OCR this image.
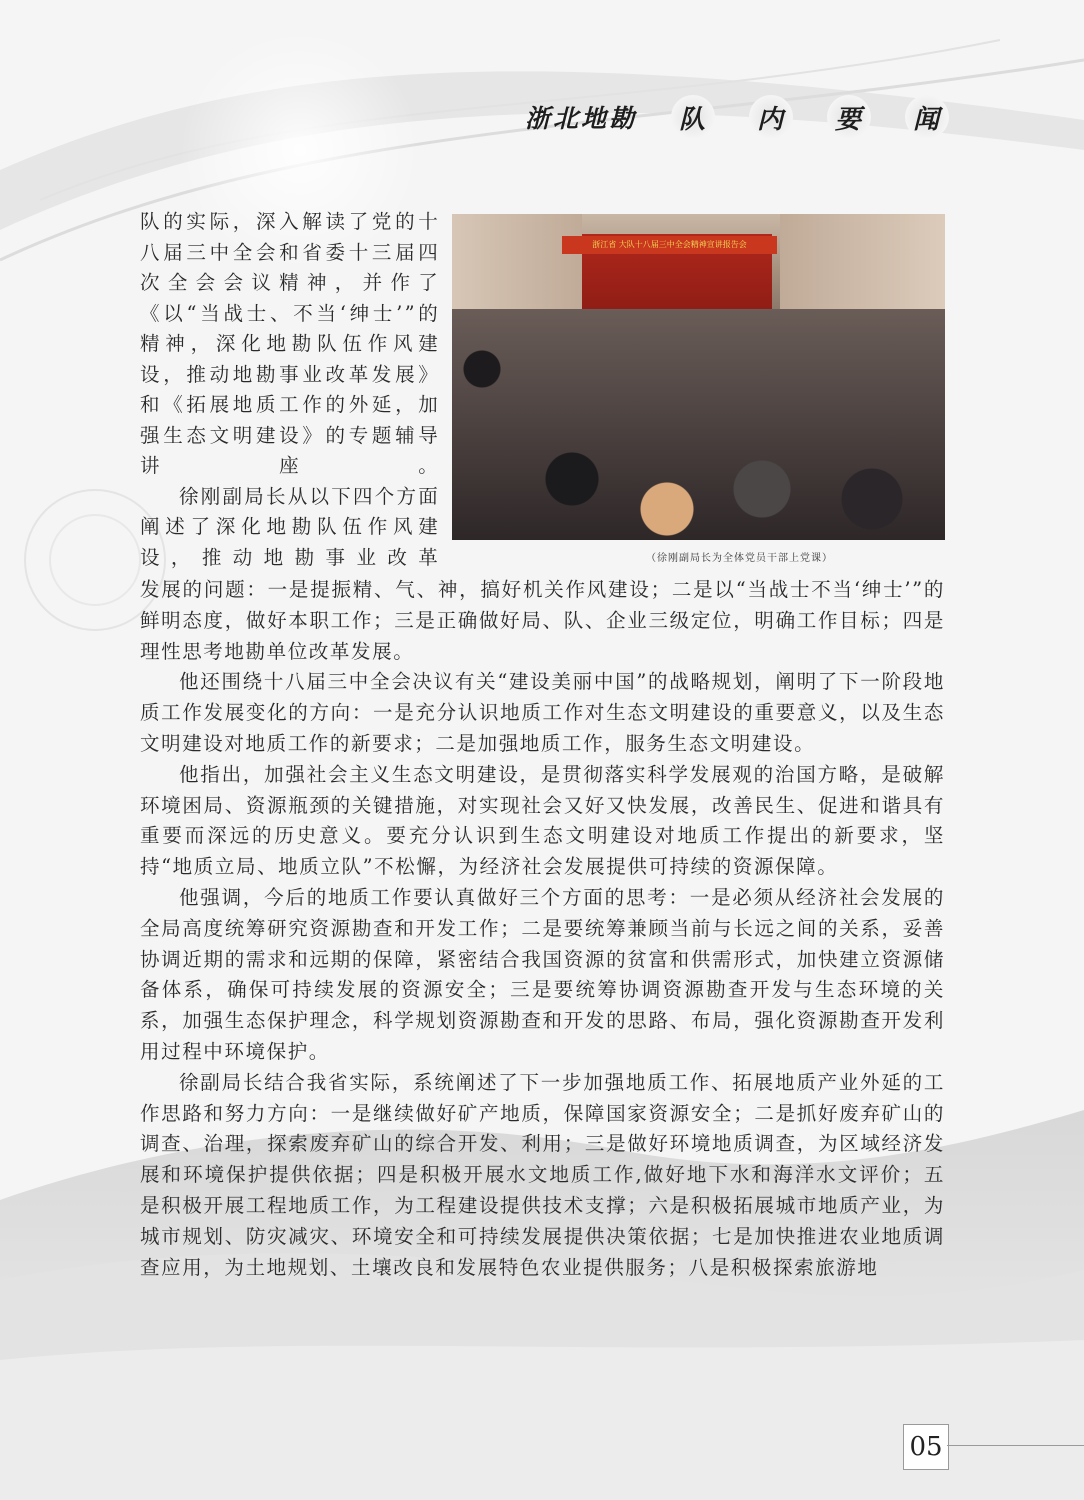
浙北地勘	队	内	要	闻

队的实际，深入解读了党的十八届三中全会和省委十三届四次全会会议精神，并作了《以“当战士、不当‘绅士’”的精神，深化地勘队伍作风建设，推动地勘事业改革发展》和《拓展地质工作的外延，加强生态文明建设》的专题辅导讲座。

徐刚副局长从以下四个方面阐述了深化地勘队伍作风建设，推动地勘事业改革

浙江省 大队十八届三中全会精神宣讲报告会
（徐刚副局长为全体党员干部上党课）

发展的问题：一是提振精、气、神，搞好机关作风建设；二是以“当战士不当‘绅士’”的鲜明态度，做好本职工作；三是正确做好局、队、企业三级定位，明确工作目标；四是理性思考地勘单位改革发展。

他还围绕十八届三中全会决议有关“建设美丽中国”的战略规划，阐明了下一阶段地质工作发展变化的方向：一是充分认识地质工作对生态文明建设的重要意义，以及生态文明建设对地质工作的新要求；二是加强地质工作，服务生态文明建设。

他指出，加强社会主义生态文明建设，是贯彻落实科学发展观的治国方略，是破解环境困局、资源瓶颈的关键措施，对实现社会又好又快发展，改善民生、促进和谐具有重要而深远的历史意义。要充分认识到生态文明建设对地质工作提出的新要求，坚持“地质立局、地质立队”不松懈，为经济社会发展提供可持续的资源保障。

他强调，今后的地质工作要认真做好三个方面的思考：一是必须从经济社会发展的全局高度统筹研究资源勘查和开发工作；二是要统筹兼顾当前与长远之间的关系，妥善协调近期的需求和远期的保障，紧密结合我国资源的贫富和供需形式，加快建立资源储备体系，确保可持续发展的资源安全；三是要统筹协调资源勘查开发与生态环境的关系，加强生态保护理念，科学规划资源勘查和开发的思路、布局，强化资源勘查开发利用过程中环境保护。

徐副局长结合我省实际，系统阐述了下一步加强地质工作、拓展地质产业外延的工作思路和努力方向：一是继续做好矿产地质，保障国家资源安全；二是抓好废弃矿山的调查、治理，探索废弃矿山的综合开发、利用；三是做好环境地质调查，为区域经济发展和环境保护提供依据；四是积极开展水文地质工作,做好地下水和海洋水文评价；五是积极开展工程地质工作，为工程建设提供技术支撑；六是积极拓展城市地质产业，为城市规划、防灾减灾、环境安全和可持续发展提供决策依据；七是加快推进农业地质调查应用，为土地规划、土壤改良和发展特色农业提供服务；八是积极探索旅游地

05
